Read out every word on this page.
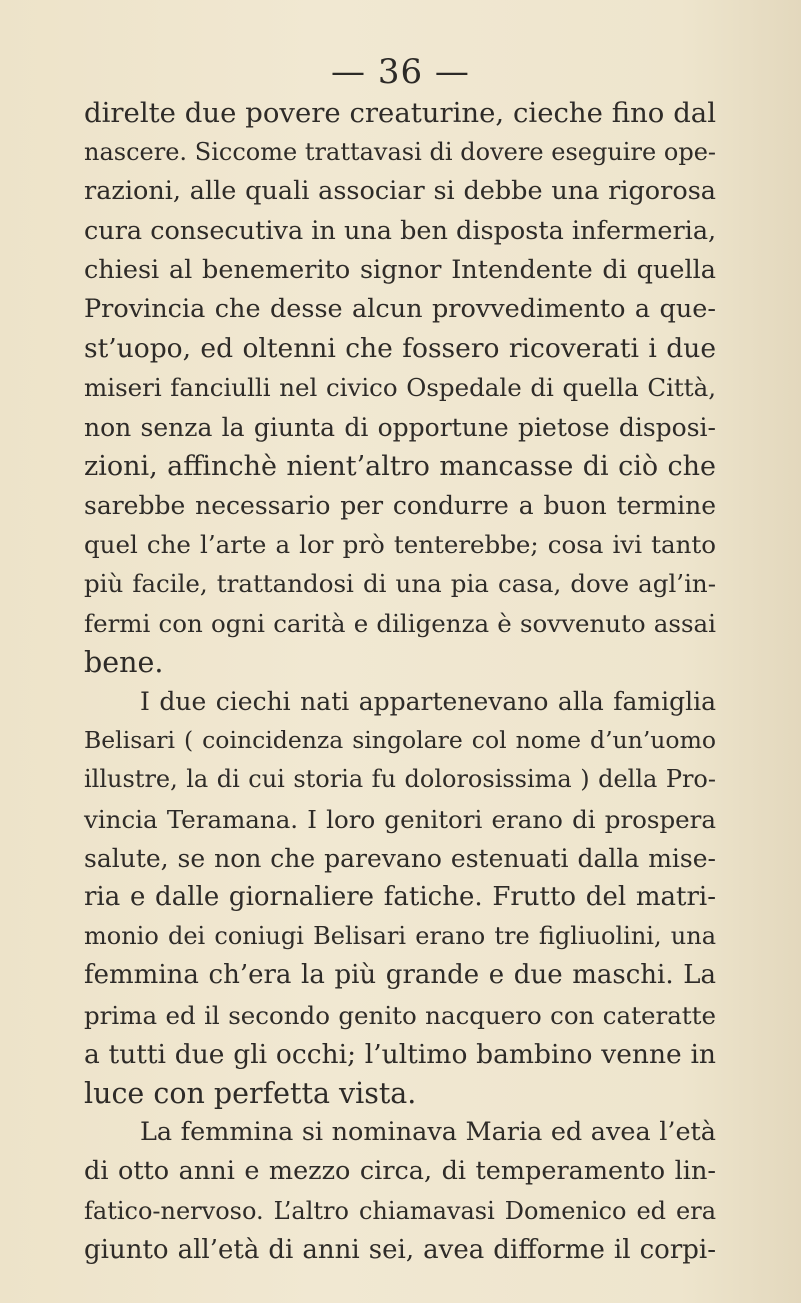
— 36 —
direlte due povere creaturine, cieche fino dal
nascere. Siccome trattavasi di dovere eseguire ope-
razioni, alle quali associar si debbe una rigorosa
cura consecutiva in una ben disposta infermeria,
chiesi al benemerito signor Intendente di quella
Provincia che desse alcun provvedimento a que-
st’uopo, ed oltenni che fossero ricoverati i due
miseri fanciulli nel civico Ospedale di quella Città,
non senza la giunta di opportune pietose disposi-
zioni, affinchè nient’altro mancasse di ciò che
sarebbe necessario per condurre a buon termine
quel che l’arte a lor prò tenterebbe; cosa ivi tanto
più facile, trattandosi di una pia casa, dove agl’in-
fermi con ogni carità e diligenza è sovvenuto assai
bene.
I due ciechi nati appartenevano alla famiglia
Belisari ( coincidenza singolare col nome d’un’uomo
illustre, la di cui storia fu dolorosissima ) della Pro-
vincia Teramana. I loro genitori erano di prospera
salute, se non che parevano estenuati dalla mise-
ria e dalle giornaliere fatiche. Frutto del matri-
monio dei coniugi Belisari erano tre figliuolini, una
femmina ch’era la più grande e due maschi. La
prima ed il secondo genito nacquero con cateratte
a tutti due gli occhi; l’ultimo bambino venne in
luce con perfetta vista.
La femmina si nominava Maria ed avea l’età
di otto anni e mezzo circa, di temperamento lin-
fatico-nervoso. L’altro chiamavasi Domenico ed era
giunto all’età di anni sei, avea difforme il corpi-
